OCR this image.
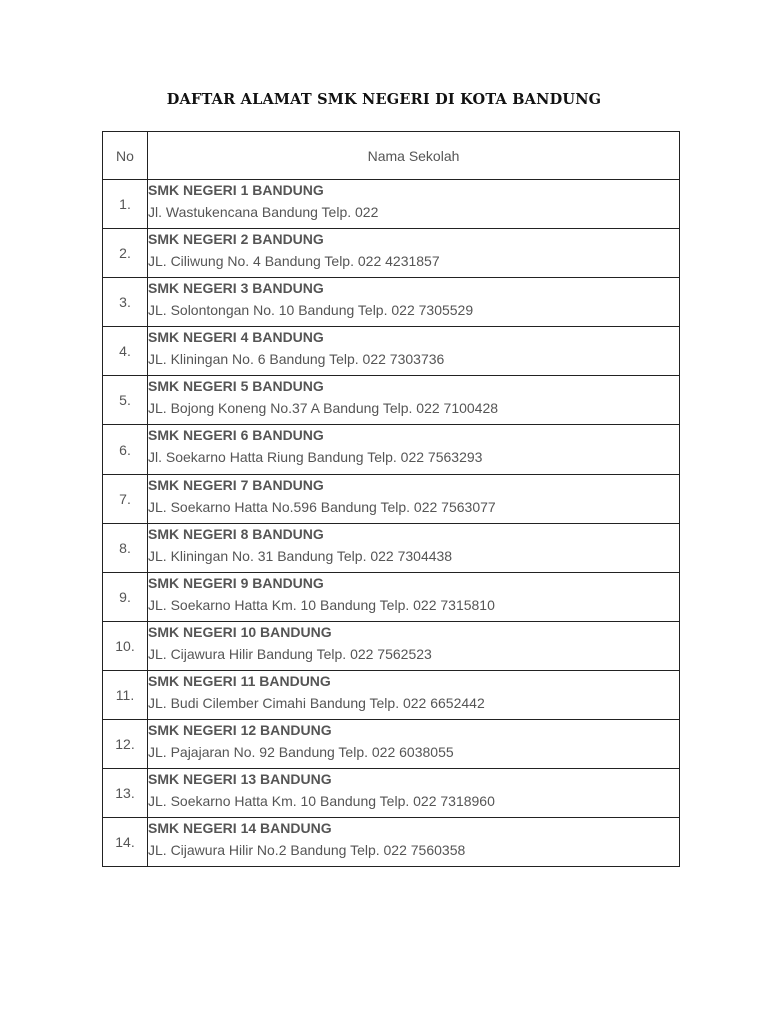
DAFTAR ALAMAT SMK NEGERI DI KOTA BANDUNG
No	Nama Sekolah
1.	SMK NEGERI 1 BANDUNG
Jl. Wastukencana Bandung Telp. 022

2.	SMK NEGERI 2 BANDUNG
JL. Ciliwung No. 4 Bandung Telp. 022 4231857

3.	SMK NEGERI 3 BANDUNG
JL. Solontongan No. 10 Bandung Telp. 022 7305529

4.	SMK NEGERI 4 BANDUNG
JL. Kliningan No. 6 Bandung Telp. 022 7303736

5.	SMK NEGERI 5 BANDUNG
JL. Bojong Koneng No.37 A Bandung Telp. 022 7100428

6.	SMK NEGERI 6 BANDUNG
Jl. Soekarno Hatta Riung Bandung Telp. 022 7563293

7.	SMK NEGERI 7 BANDUNG
JL. Soekarno Hatta No.596 Bandung Telp. 022 7563077

8.	SMK NEGERI 8 BANDUNG
JL. Kliningan No. 31 Bandung Telp. 022 7304438

9.	SMK NEGERI 9 BANDUNG
JL. Soekarno Hatta Km. 10 Bandung Telp. 022 7315810

10.	SMK NEGERI 10 BANDUNG
JL. Cijawura Hilir Bandung Telp. 022 7562523

11.	SMK NEGERI 11 BANDUNG
JL. Budi Cilember Cimahi Bandung Telp. 022 6652442

12.	SMK NEGERI 12 BANDUNG
JL. Pajajaran No. 92 Bandung Telp. 022 6038055

13.	SMK NEGERI 13 BANDUNG
JL. Soekarno Hatta Km. 10 Bandung Telp. 022 7318960

14.	SMK NEGERI 14 BANDUNG
JL. Cijawura Hilir No.2 Bandung Telp. 022 7560358
